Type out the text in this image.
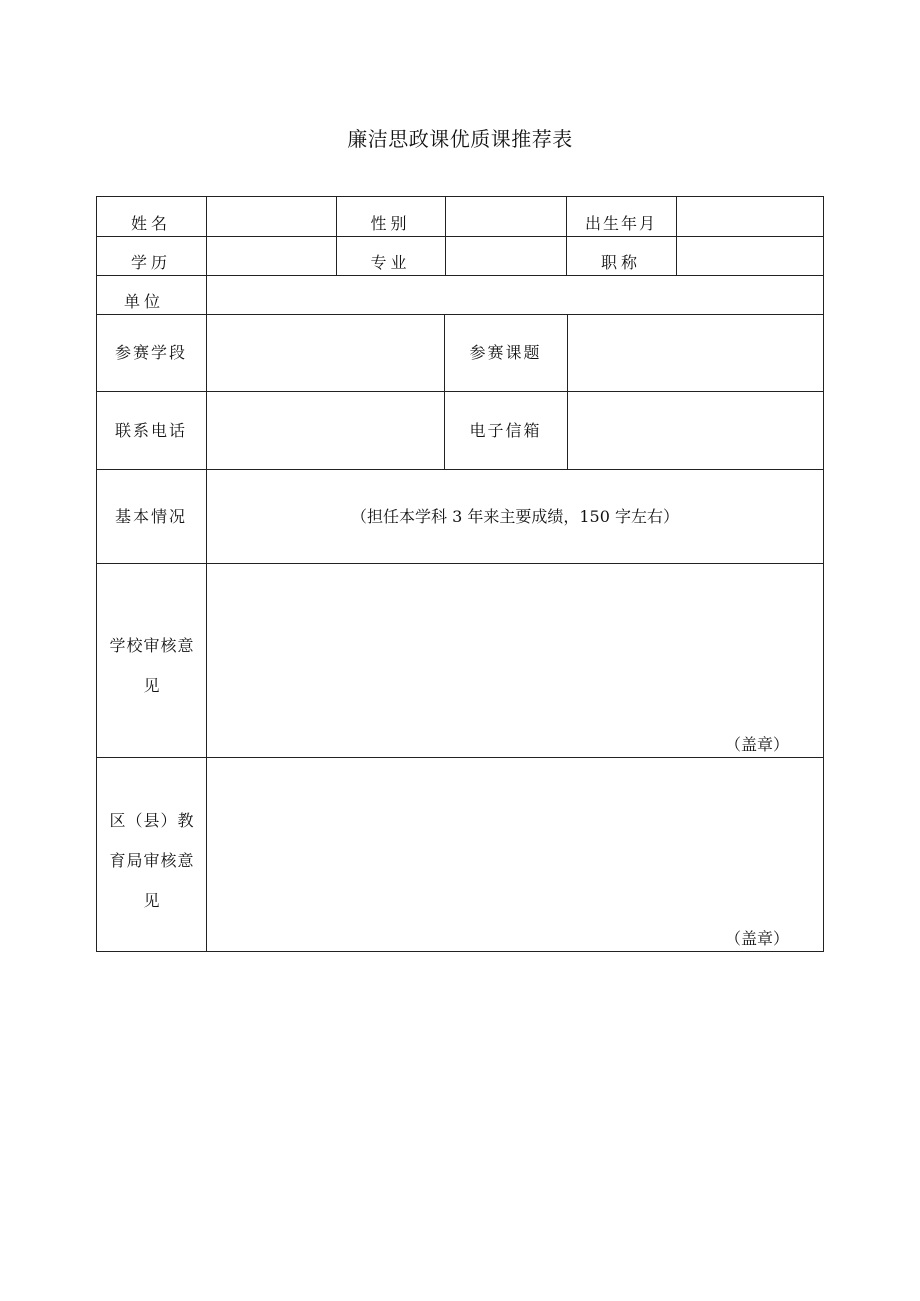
廉洁思政课优质课推荐表
姓名	性别	出生年月
学历	专业	职称
单位
参赛学段	参赛课题
联系电话	电子信箱
基本情况	（担任本学科 3 年来主要成绩，150 字左右）
学校审核意见
（盖章）
区（县）教育局审核意见
（盖章）
